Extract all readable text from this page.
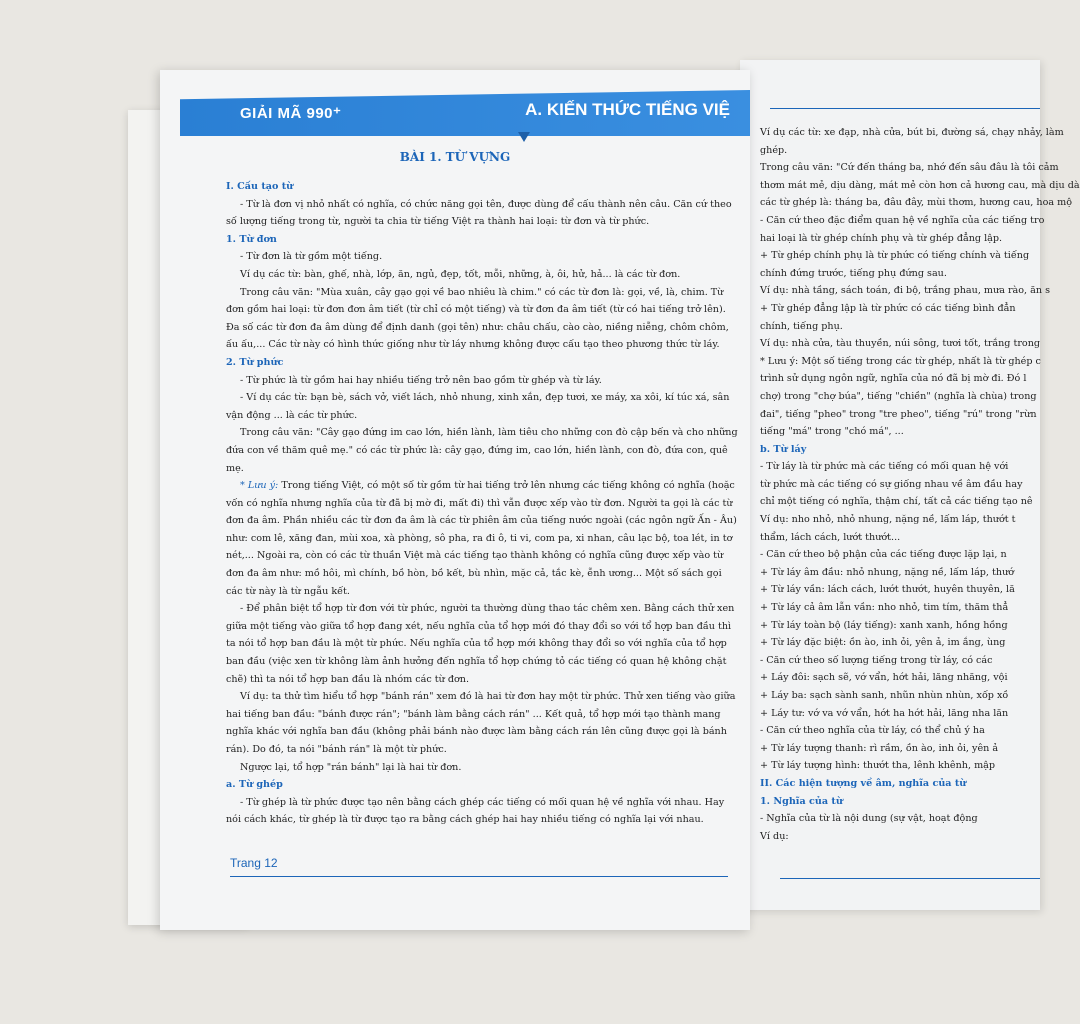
Ví dụ các từ: xe đạp, nhà cửa, bút bi, đường sá, chạy nhảy, làm

ghép.

Trong câu văn: "Cứ đến tháng ba, nhớ đến sâu đâu là tôi cảm

thơm mát mẻ, dịu dàng, mát mẻ còn hơn cả hương cau, mà dịu dà

các từ ghép là: tháng ba, đâu đây, mùi thơm, hương cau, hoa mộ

- Căn cứ theo đặc điểm quan hệ về nghĩa của các tiếng tro

hai loại là từ ghép chính phụ và từ ghép đẳng lập.

+ Từ ghép chính phụ là từ phức có tiếng chính và tiếng

chính đứng trước, tiếng phụ đứng sau.

Ví dụ: nhà tầng, sách toán, đi bộ, trắng phau, mưa rào, ăn s

+ Từ ghép đẳng lập là từ phức có các tiếng bình đẳn

chính, tiếng phụ.

Ví dụ: nhà cửa, tàu thuyền, núi sông, tươi tốt, trắng trong

* Lưu ý: Một số tiếng trong các từ ghép, nhất là từ ghép c

trình sử dụng ngôn ngữ, nghĩa của nó đã bị mờ đi. Đó l

chợ) trong "chợ búa", tiếng "chiền" (nghĩa là chùa) trong

đai", tiếng "pheo" trong "tre pheo", tiếng "rú" trong "rừn

tiếng "má" trong "chó má", ...

b. Từ láy

- Từ láy là từ phức mà các tiếng có mối quan hệ với

từ phức mà các tiếng có sự giống nhau về âm đầu hay

chỉ một tiếng có nghĩa, thậm chí, tất cả các tiếng tạo nê

Ví dụ: nho nhỏ, nhỏ nhung, nặng nề, lấm láp, thướt t

thẩm, lách cách, lướt thướt...

- Căn cứ theo bộ phận của các tiếng được lặp lại, n

+ Từ láy âm đầu: nhỏ nhung, nặng nề, lấm láp, thướ

+ Từ láy vần: lách cách, lướt thướt, huyên thuyên, lă

+ Từ láy cả âm lẫn vần: nho nhỏ, tim tím, thăm thẳ

+ Từ láy toàn bộ (láy tiếng): xanh xanh, hồng hồng

+ Từ láy đặc biệt: ồn ào, inh ỏi, yên ả, im ắng, ùng

- Căn cứ theo số lượng tiếng trong từ láy, có các

+ Láy đôi: sạch sẽ, vớ vẩn, hớt hải, lăng nhăng, vội

+ Láy ba: sạch sành sanh, nhũn nhùn nhùn, xốp xồ

+ Láy tư: vớ va vớ vẩn, hớt ha hớt hải, lăng nha lăn

- Căn cứ theo nghĩa của từ láy, có thể chủ ý ha

+ Từ láy tượng thanh: rì rầm, ồn ào, inh ỏi, yên ả

+ Từ láy tượng hình: thướt tha, lênh khênh, mập

II. Các hiện tượng về âm, nghĩa của từ

1. Nghĩa của từ

- Nghĩa của từ là nội dung (sự vật, hoạt động

Ví dụ:

GIẢI MÃ 990⁺	A. KIẾN THỨC TIẾNG VIỆ
BÀI 1. TỪ VỰNG

I. Cấu tạo từ

- Từ là đơn vị nhỏ nhất có nghĩa, có chức năng gọi tên, được dùng để cấu thành nên câu. Căn cứ theo số lượng tiếng trong từ, người ta chia từ tiếng Việt ra thành hai loại: từ đơn và từ phức.

1. Từ đơn

- Từ đơn là từ gồm một tiếng.

Ví dụ các từ: bàn, ghế, nhà, lớp, ăn, ngủ, đẹp, tốt, mỗi, những, à, ôi, hử, hả... là các từ đơn.

Trong câu văn: "Mùa xuân, cây gạo gọi về bao nhiêu là chim." có các từ đơn là: gọi, về, là, chim. Từ đơn gồm hai loại: từ đơn đơn âm tiết (từ chỉ có một tiếng) và từ đơn đa âm tiết (từ có hai tiếng trở lên). Đa số các từ đơn đa âm dùng để định danh (gọi tên) như: châu chấu, cào cào, niềng niễng, chôm chôm, ấu ấu,... Các từ này có hình thức giống như từ láy nhưng không được cấu tạo theo phương thức từ láy.

2. Từ phức

- Từ phức là từ gồm hai hay nhiều tiếng trở nên bao gồm từ ghép và từ láy.

- Ví dụ các từ: bạn bè, sách vở, viết lách, nhỏ nhung, xinh xắn, đẹp tươi, xe máy, xa xôi, kí túc xá, sân vận động ... là các từ phức.

Trong câu văn: "Cây gạo đứng im cao lớn, hiền lành, làm tiêu cho những con đò cập bến và cho những đứa con về thăm quê mẹ." có các từ phức là: cây gạo, đứng im, cao lớn, hiền lành, con đò, đứa con, quê mẹ.

* Lưu ý: Trong tiếng Việt, có một số từ gồm từ hai tiếng trở lên nhưng các tiếng không có nghĩa (hoặc vốn có nghĩa nhưng nghĩa của từ đã bị mờ đi, mất đi) thì vẫn được xếp vào từ đơn. Người ta gọi là các từ đơn đa âm. Phần nhiều các từ đơn đa âm là các từ phiên âm của tiếng nước ngoài (các ngôn ngữ Ấn - Âu) như: com lê, xăng đan, mùi xoa, xà phòng, sô pha, ra đi ô, ti vi, com pa, xi nhan, câu lạc bộ, toa lét, in tơ nét,... Ngoài ra, còn có các từ thuần Việt mà các tiếng tạo thành không có nghĩa cũng được xếp vào từ đơn đa âm như: mồ hôi, mì chính, bồ hòn, bồ kết, bù nhìn, mặc cả, tắc kè, ễnh ương... Một số sách gọi các từ này là từ ngẫu kết.

- Để phân biệt tổ hợp từ đơn với từ phức, người ta thường dùng thao tác chêm xen. Bằng cách thử xen giữa một tiếng vào giữa tổ hợp đang xét, nếu nghĩa của tổ hợp mới đó thay đổi so với tổ hợp ban đầu thì ta nói tổ hợp ban đầu là một từ phức. Nếu nghĩa của tổ hợp mới không thay đổi so với nghĩa của tổ hợp ban đầu (việc xen từ không làm ảnh hưởng đến nghĩa tổ hợp chứng tỏ các tiếng có quan hệ không chặt chẽ) thì ta nói tổ hợp ban đầu là nhóm các từ đơn.

Ví dụ: ta thử tìm hiểu tổ hợp "bánh rán" xem đó là hai từ đơn hay một từ phức. Thử xen tiếng vào giữa hai tiếng ban đầu: "bánh được rán"; "bánh làm bằng cách rán" ... Kết quả, tổ hợp mới tạo thành mang nghĩa khác với nghĩa ban đầu (không phải bánh nào được làm bằng cách rán lên cũng được gọi là bánh rán). Do đó, ta nói "bánh rán" là một từ phức.

Ngược lại, tổ hợp "rán bánh" lại là hai từ đơn.

a. Từ ghép

- Từ ghép là từ phức được tạo nên bằng cách ghép các tiếng có mối quan hệ về nghĩa với nhau. Hay nói cách khác, từ ghép là từ được tạo ra bằng cách ghép hai hay nhiều tiếng có nghĩa lại với nhau.

Trang 12
